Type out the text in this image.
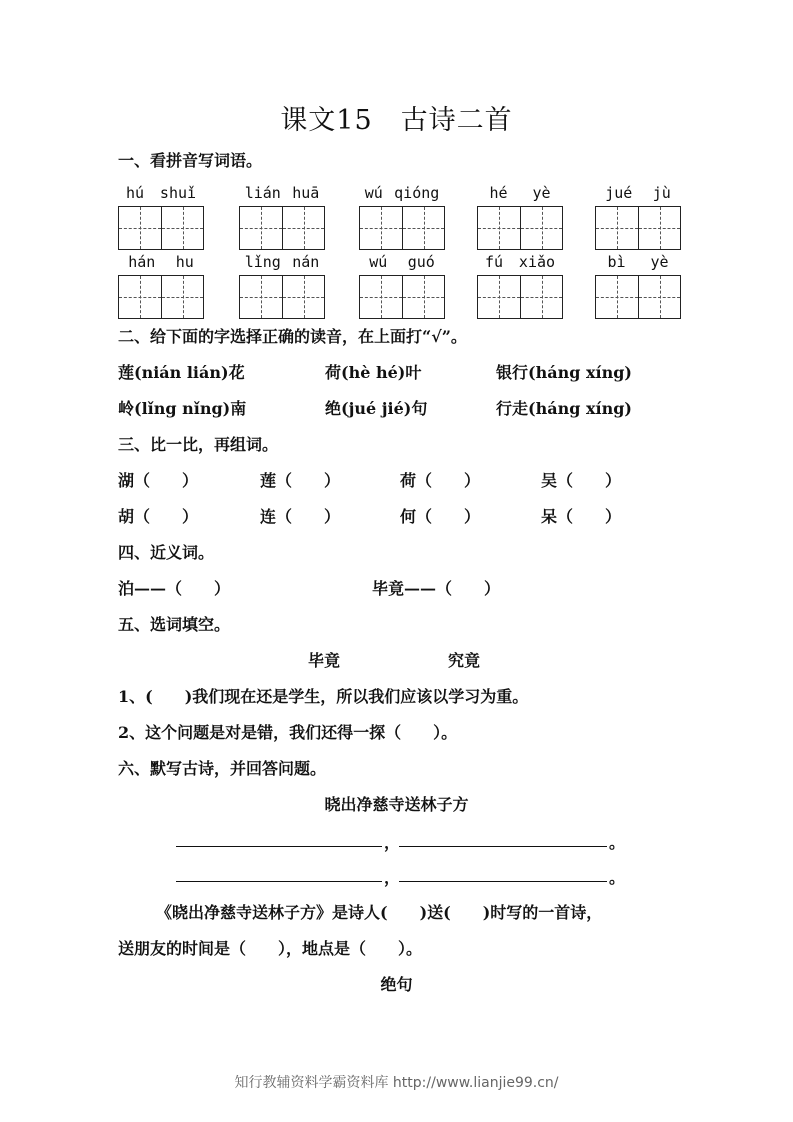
课文15 古诗二首
一、看拼音写词语。
hú shuǐ	lián huā	wú qióng	hé yè	jué jù
hán hu	lǐng nán	wú guó	fú xiǎo	bì yè
二、给下面的字选择正确的读音，在上面打“√”。
莲(nián lián)花	荷(hè hé)叶	银行(háng xíng)
岭(lǐng nǐng)南	绝(jué jié)句	行走(háng xíng)
三、比一比，再组词。
湖（　　）	莲（　　）	荷（　　）	吴（　　）
胡（　　）	连（　　）	何（　　）	呆（　　）
四、近义词。
泊——（　　）	毕竟——（　　）
五、选词填空。
毕竟	究竟
1、(　　)我们现在还是学生，所以我们应该以学习为重。
2、这个问题是对是错，我们还得一探（　　）。
六、默写古诗，并回答问题。
晓出净慈寺送林子方
，	。
，	。
《晓出净慈寺送林子方》是诗人(　　)送(　　)时写的一首诗，
送朋友的时间是（　　），地点是（　　）。
绝句
知行教辅资料学霸资料库 http://www.lianjie99.cn/
